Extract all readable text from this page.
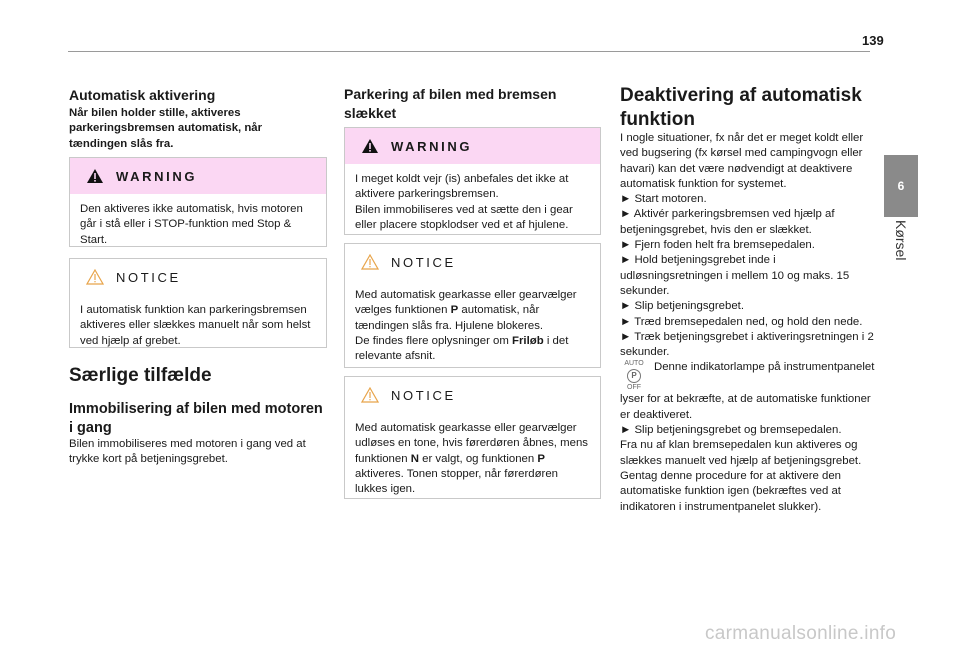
139
6
Kørsel
Automatisk aktivering

Når bilen holder stille, aktiveres parkeringsbremsen automatisk, når tændingen slås fra.

WARNING

Den aktiveres ikke automatisk, hvis motoren går i stå eller i STOP-funktion med Stop & Start.

NOTICE

I automatisk funktion kan parkeringsbremsen aktiveres eller slækkes manuelt når som helst ved hjælp af grebet.

Særlige tilfælde
Immobilisering af bilen med motoren i gang

Bilen immobiliseres med motoren i gang ved at trykke kort på betjeningsgrebet.

Parkering af bilen med bremsen slækket
WARNING

I meget koldt vejr (is) anbefales det ikke at aktivere parkeringsbremsen.
Bilen immobiliseres ved at sætte den i gear eller placere stopklodser ved et af hjulene.

NOTICE

Med automatisk gearkasse eller gearvælger vælges funktionen P automatisk, når tændingen slås fra. Hjulene blokeres.
De findes flere oplysninger om Friløb i det relevante afsnit.

NOTICE

Med automatisk gearkasse eller gearvælger udløses en tone, hvis førerdøren åbnes, mens funktionen N er valgt, og funktionen P aktiveres. Tonen stopper, når førerdøren lukkes igen.

Deaktivering af automatisk funktion

I nogle situationer, fx når det er meget koldt eller ved bugsering (fx kørsel med campingvogn eller havari) kan det være nødvendigt at deaktivere automatisk funktion for systemet.

► Start motoren.

► Aktivér parkeringsbremsen ved hjælp af betjeningsgrebet, hvis den er slækket.

► Fjern foden helt fra bremsepedalen.

► Hold betjeningsgrebet inde i udløsningsretningen i mellem 10 og maks. 15 sekunder.

► Slip betjeningsgrebet.

► Træd bremsepedalen ned, og hold den nede.

► Træk betjeningsgrebet i aktiveringsretningen i 2 sekunder.

AUTO
P
OFFDenne indikatorlampe på instrumentpanelet lyser for at bekræfte, at de automatiske funktioner er deaktiveret.

► Slip betjeningsgrebet og bremsepedalen.

Fra nu af klan bremsepedalen kun aktiveres og slækkes manuelt ved hjælp af betjeningsgrebet.
Gentag denne procedure for at aktivere den automatiske funktion igen (bekræftes ved at indikatoren i instrumentpanelet slukker).

carmanualsonline.info
